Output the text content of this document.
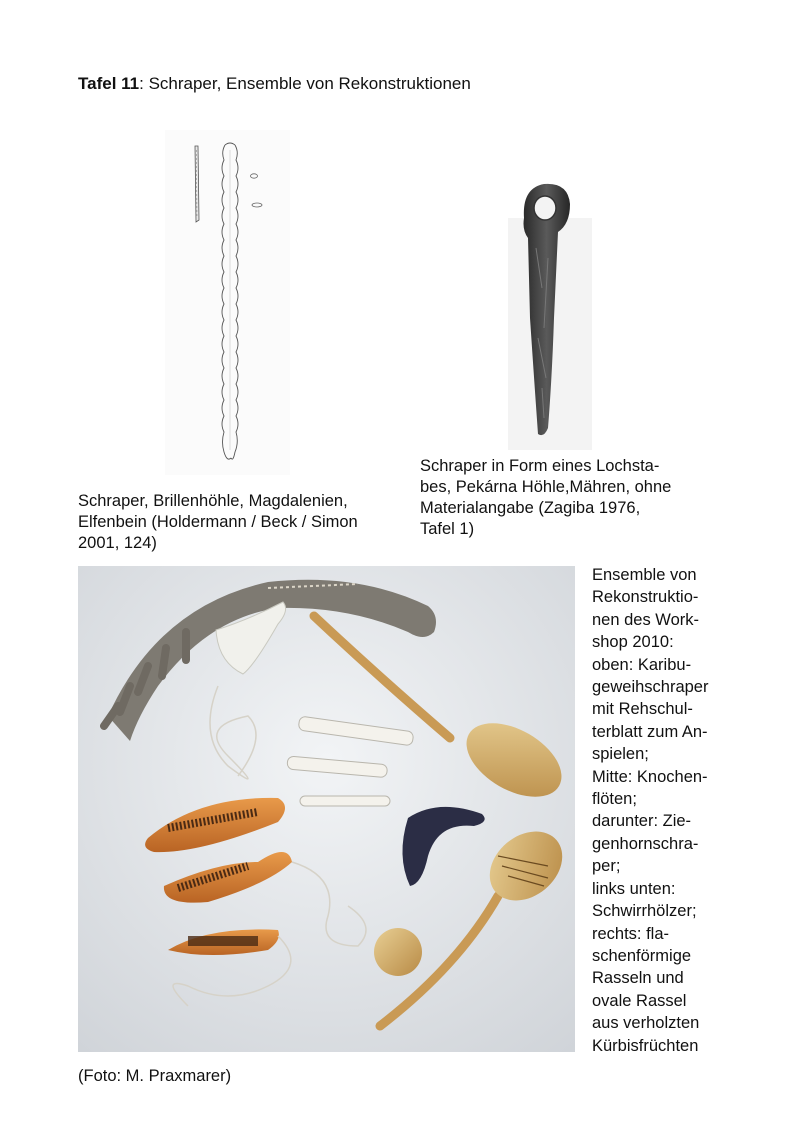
Tafel 11: Schraper, Ensemble von Rekonstruktionen
Schraper, Brillenhöhle, Magdalenien,
Elfenbein (Holdermann / Beck / Simon
2001, 124)
Schraper in Form eines Lochsta-
bes, Pekárna Höhle,Mähren, ohne
Materialangabe (Zagiba 1976,
Tafel 1)
Ensemble von
Rekonstruktio-
nen des Work-
shop 2010:
oben: Karibu-
geweihschraper
mit Rehschul-
terblatt zum An-
spielen;
Mitte: Knochen-
flöten;
darunter: Zie-
genhornschra-
per;
links unten:
Schwirrhölzer;
rechts: fla-
schenförmige
Rasseln und
ovale Rassel
aus verholzten
Kürbisfrüchten
(Foto: M. Praxmarer)
